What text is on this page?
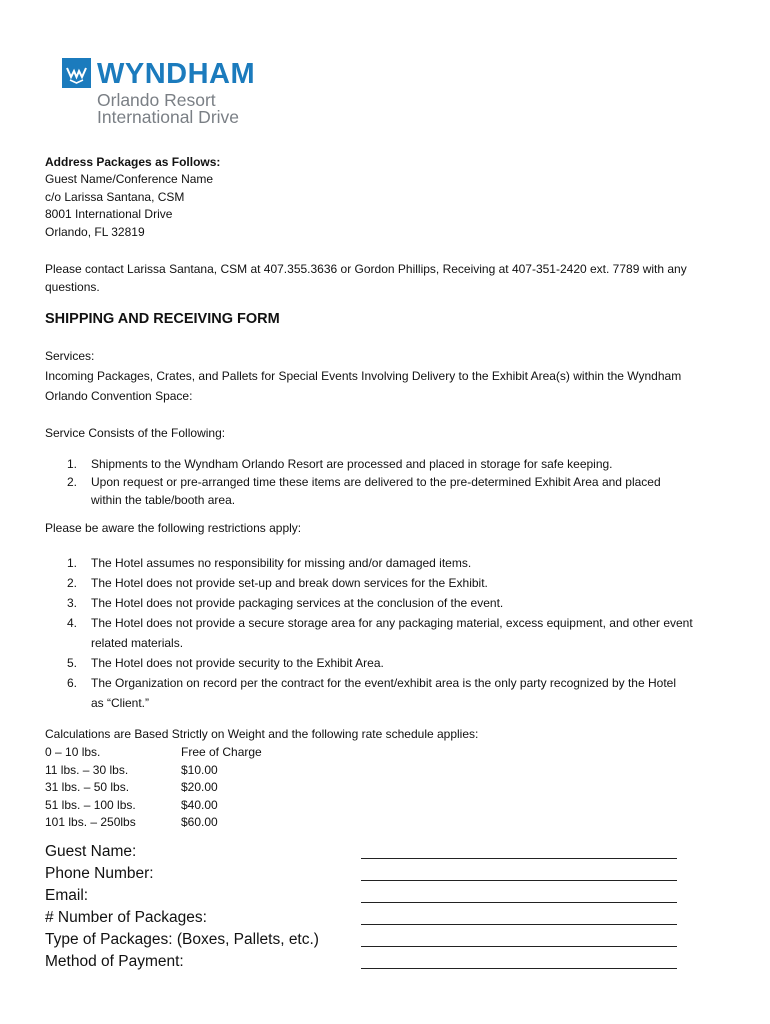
WYNDHAM
Orlando Resort
International Drive
Address Packages as Follows:
Guest Name/Conference Name
c/o Larissa Santana, CSM
8001 International Drive
Orlando, FL 32819
Please contact Larissa Santana, CSM at 407.355.3636 or Gordon Phillips, Receiving at 407-351-2420 ext. 7789 with any
questions.
SHIPPING AND RECEIVING FORM
Services:
Incoming Packages, Crates, and Pallets for Special Events Involving Delivery to the Exhibit Area(s) within the Wyndham
Orlando Convention Space:
Service Consists of the Following:
1. Shipments to the Wyndham Orlando Resort are processed and placed in storage for safe keeping.
2. Upon request or pre-arranged time these items are delivered to the pre-determined Exhibit Area and placed
within the table/booth area.
Please be aware the following restrictions apply:
1. The Hotel assumes no responsibility for missing and/or damaged items.
2. The Hotel does not provide set-up and break down services for the Exhibit.
3. The Hotel does not provide packaging services at the conclusion of the event.
4. The Hotel does not provide a secure storage area for any packaging material, excess equipment, and other event
related materials.
5. The Hotel does not provide security to the Exhibit Area.
6. The Organization on record per the contract for the event/exhibit area is the only party recognized by the Hotel
as “Client.”
Calculations are Based Strictly on Weight and the following rate schedule applies:
0 – 10 lbs.	Free of Charge
11 lbs. – 30 lbs.	$10.00
31 lbs. – 50 lbs.	$20.00
51 lbs. – 100 lbs.	$40.00
101 lbs. – 250lbs	$60.00
Guest Name:
Phone Number:
Email:
# Number of Packages:
Type of Packages: (Boxes, Pallets, etc.)
Method of Payment:
